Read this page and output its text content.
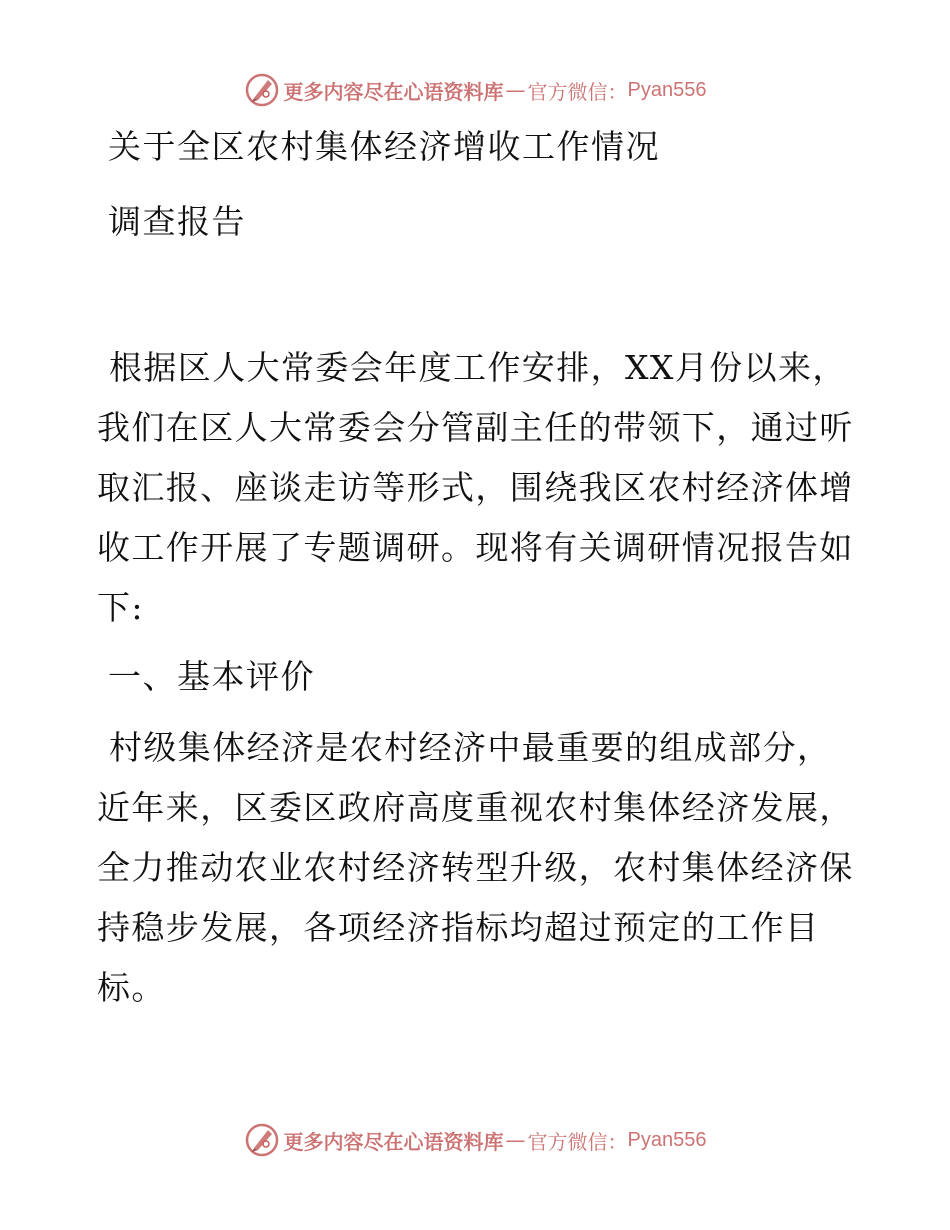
更多内容尽在心语资料库 — 官方微信： Pyan556
关于全区农村集体经济增收工作情况
调查报告

根据区人大常委会年度工作安排，XX月份以来，我们在区人大常委会分管副主任的带领下，通过听取汇报、座谈走访等形式，围绕我区农村经济体增收工作开展了专题调研。现将有关调研情况报告如下:

一、基本评价

村级集体经济是农村经济中最重要的组成部分，近年来，区委区政府高度重视农村集体经济发展，全力推动农业农村经济转型升级，农村集体经济保持稳步发展，各项经济指标均超过预定的工作目标。

更多内容尽在心语资料库 — 官方微信： Pyan556
